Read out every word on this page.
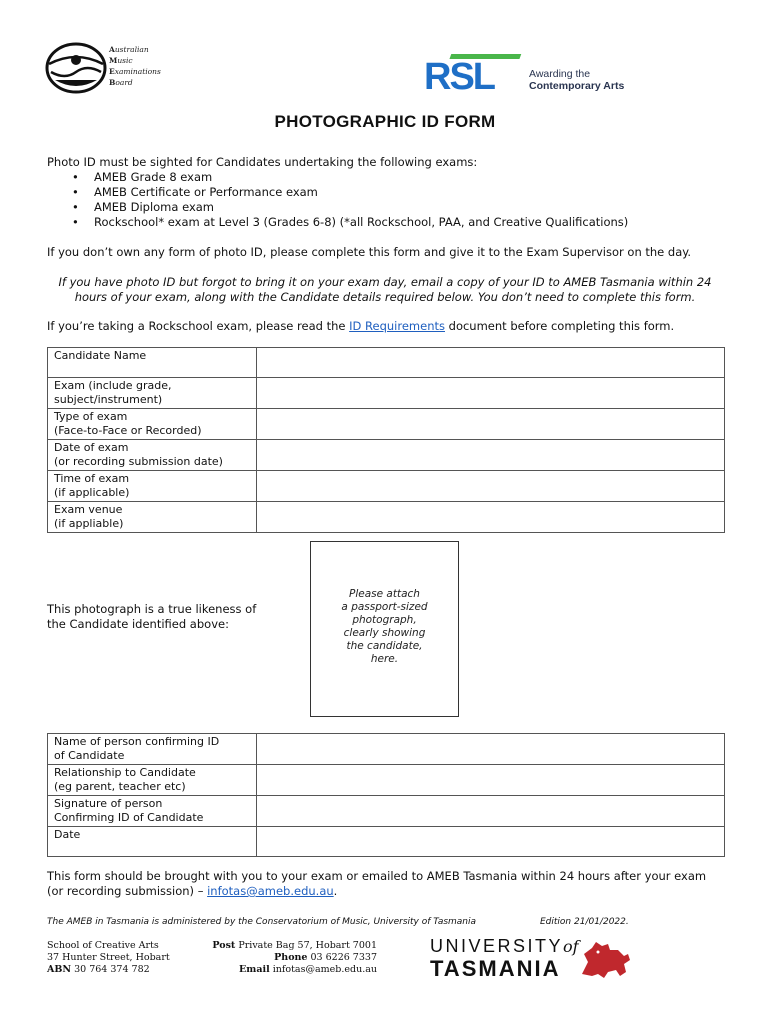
Australian
Music
Examinations
Board	RSL	Awarding the
Contemporary Arts
PHOTOGRAPHIC ID FORM
Photo ID must be sighted for Candidates undertaking the following exams:
• AMEB Grade 8 exam
• AMEB Certificate or Performance exam
• AMEB Diploma exam
• Rockschool* exam at Level 3 (Grades 6-8) (*all Rockschool, PAA, and Creative Qualifications)
If you don’t own any form of photo ID, please complete this form and give it to the Exam Supervisor on the day.
If you have photo ID but forgot to bring it on your exam day, email a copy of your ID to AMEB Tasmania within 24
hours of your exam, along with the Candidate details required below. You don’t need to complete this form.
If you’re taking a Rockschool exam, please read the ID Requirements document before completing this form.
Candidate Name	

Exam (include grade,
subject/instrument)	

Type of exam
(Face-to-Face or Recorded)	

Date of exam
(or recording submission date)	

Time of exam
(if applicable)	

Exam venue
(if appliable)	

This photograph is a true likeness of
the Candidate identified above:
Please attach
a passport-sized
photograph,
clearly showing
the candidate,
here.
Name of person confirming ID
of Candidate	

Relationship to Candidate
(eg parent, teacher etc)	

Signature of person
Confirming ID of Candidate	

Date	

This form should be brought with you to your exam or emailed to AMEB Tasmania within 24 hours after your exam
(or recording submission) – infotas@ameb.edu.au.
The AMEB in Tasmania is administered by the Conservatorium of Music, University of Tasmania	Edition 21/01/2022.
School of Creative Arts
37 Hunter Street, Hobart
ABN 30 764 374 782
Post Private Bag 57, Hobart 7001
Phone 03 6226 7337
Email infotas@ameb.edu.au
UNIVERSITYof
TASMANIA
